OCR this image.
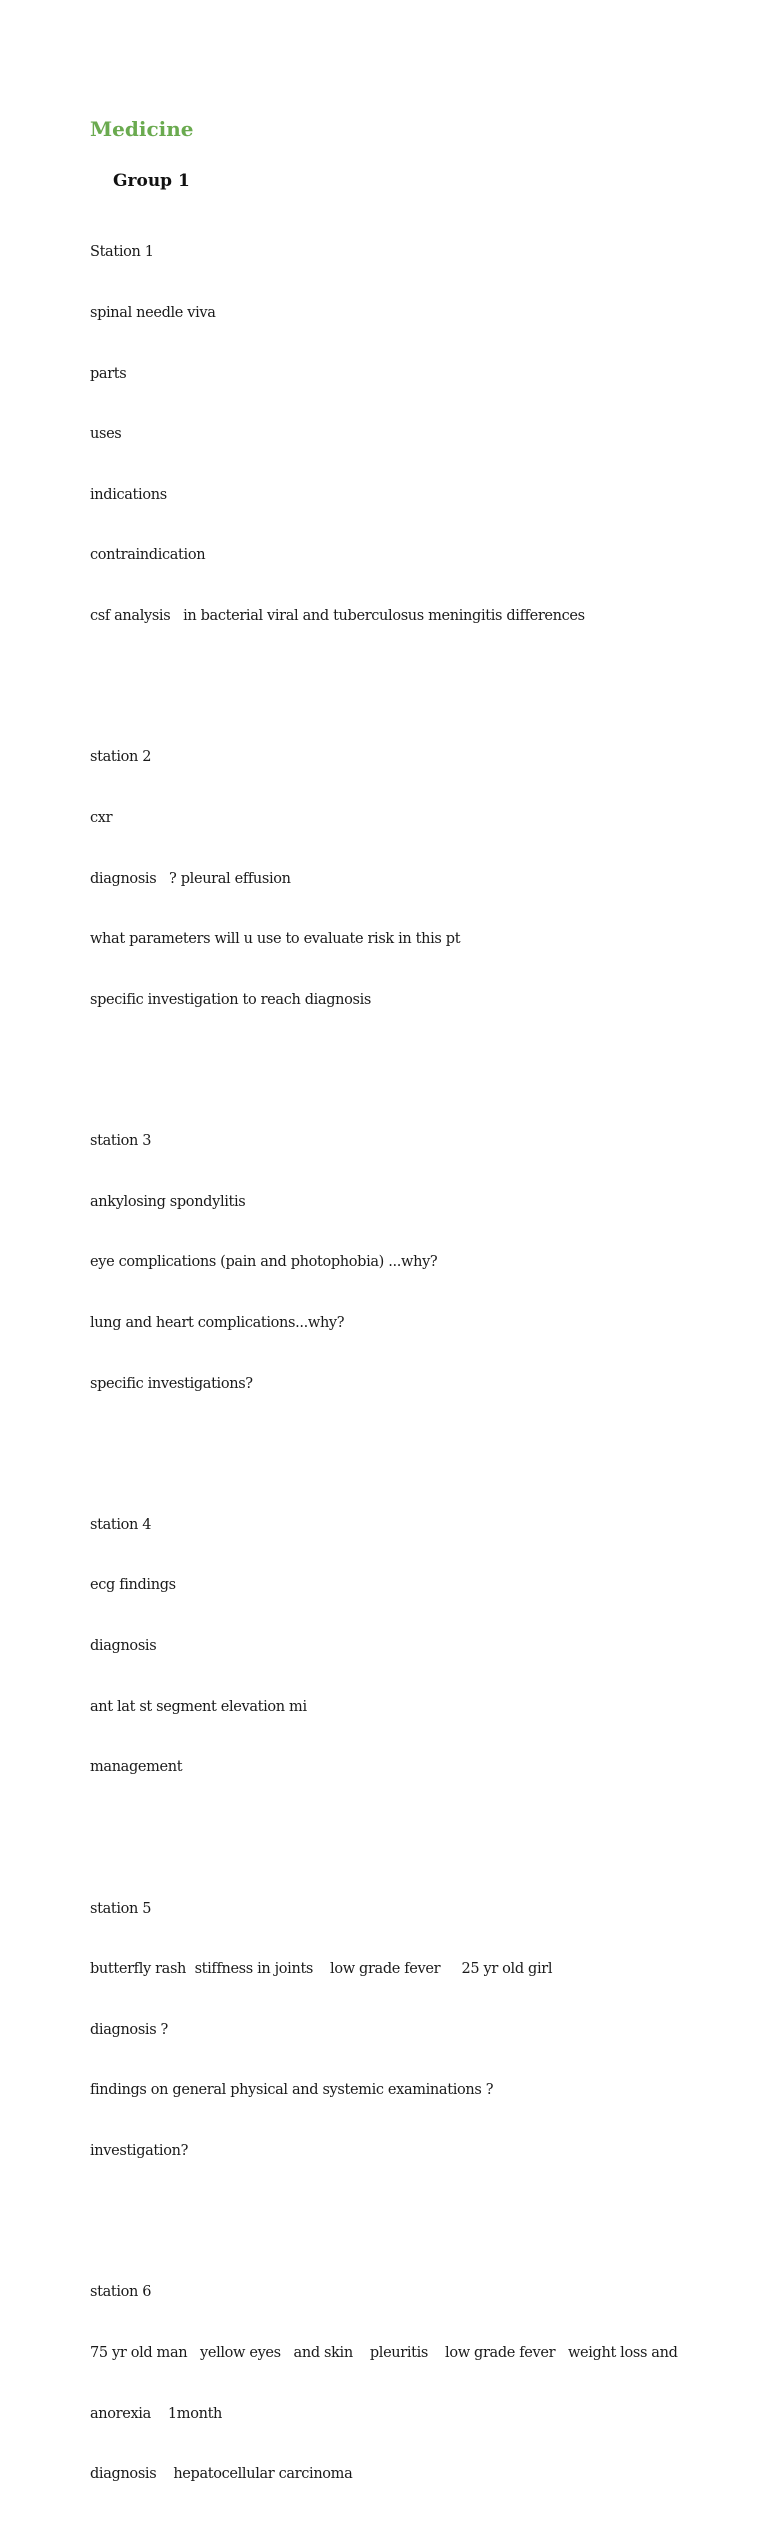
Medicine
Group 1

Station 1

spinal needle viva

parts

uses

indications

contraindication

csf analysis   in bacterial viral and tuberculosus meningitis differences

station 2

cxr

diagnosis   ? pleural effusion

what parameters will u use to evaluate risk in this pt

specific investigation to reach diagnosis

station 3

ankylosing spondylitis

eye complications (pain and photophobia) ...why?

lung and heart complications...why?

specific investigations?

station 4

ecg findings

diagnosis

ant lat st segment elevation mi

management

station 5

butterfly rash  stiffness in joints    low grade fever     25 yr old girl

diagnosis ?

findings on general physical and systemic examinations ?

investigation?

station 6

75 yr old man   yellow eyes   and skin    pleuritis    low grade fever   weight loss and

anorexia    1month

diagnosis    hepatocellular carcinoma
